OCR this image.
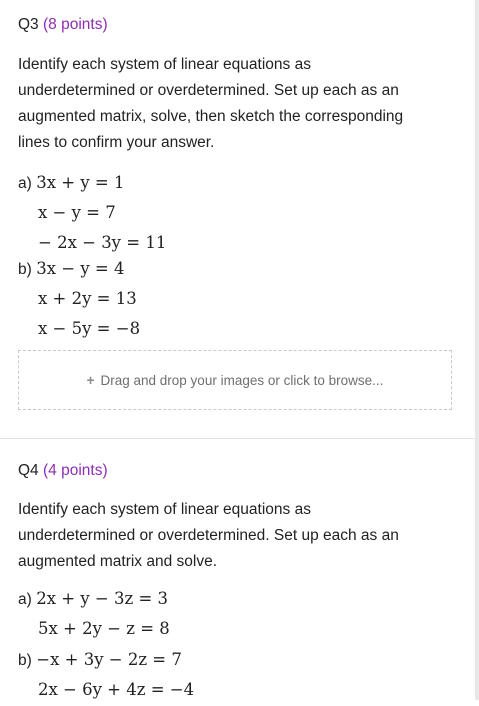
Q3 (8 points)

Identify each system of linear equations as

underdetermined or overdetermined. Set up each as an

augmented matrix, solve, then sketch the corresponding

lines to confirm your answer.

a) 3x + y = 1
x − y = 7
− 2x − 3y = 11
b) 3x − y = 4
x + 2y = 13
x − 5y = −8
+ Drag and drop your images or click to browse...

Q4 (4 points)

Identify each system of linear equations as

underdetermined or overdetermined. Set up each as an

augmented matrix and solve.

a) 2x + y − 3z = 3
5x + 2y − z = 8
b) −x + 3y − 2z = 7
2x − 6y + 4z = −4
